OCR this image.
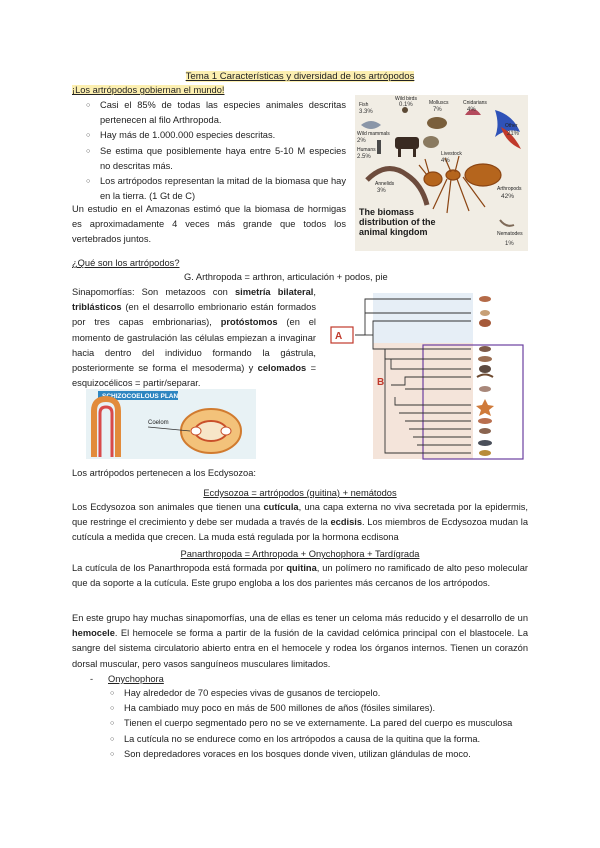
Tema 1 Características y diversidad de los artrópodos
¡Los artrópodos gobiernan el mundo!
○ Casi el 85% de todas las especies animales descritas pertenecen al filo Arthropoda.
○ Hay más de 1.000.000 especies descritas.
○ Se estima que posiblemente haya entre 5-10 M especies no descritas más.
○ Los artrópodos representan la mitad de la biomasa que hay en la tierra. (1 Gt de C)
Un estudio en el Amazonas estimó que la biomasa de hormigas es aproximadamente 4 veces más grande que todos los vertebrados juntos.
Fish
3.3%
Wild birds
0.1%	Molluscs
7%
Cnidarians
4%
Wild mammals
2%
Humans
2.5%	Livestock
4%
Annelids
3%	Arthropods
42%
Nematodes
1%
Other
21%
The biomass
distribution of the
animal kingdom
¿Qué son los artrópodos?
G. Arthropoda = arthron, articulación + podos, pie
Sinapomorfías: Son metazoos con simetría bilateral, triblásticos (en el desarrollo embrionario están formados por tres capas embrionarias), protóstomos (en el momento de gastrulación las células empiezan a invaginar hacia dentro del individuo formando la gástrula, posteriormente se forma el mesoderma) y celomados = esquizocélicos = partir/separar.
SCHIZOCOELOUS PLAN
Coelom
A
B
Los artrópodos pertenecen a los Ecdysozoa:
Ecdysozoa = artrópodos (quitina) + nemátodos
Los Ecdysozoa son animales que tienen una cutícula, una capa externa no viva secretada por la epidermis, que restringe el crecimiento y debe ser mudada a través de la ecdisis. Los miembros de Ecdysozoa mudan la cutícula a medida que crecen. La muda está regulada por la hormona ecdisona
Panarthropoda = Arthropoda + Onychophora + Tardígrada
La cutícula de los Panarthropoda está formada por quitina, un polímero no ramificado de alto peso molecular que da soporte a la cutícula. Este grupo engloba a los dos parientes más cercanos de los artrópodos.
En este grupo hay muchas sinapomorfías, una de ellas es tener un celoma más reducido y el desarrollo de un hemocele. El hemocele se forma a partir de la fusión de la cavidad celómica principal con el blastocele. La sangre del sistema circulatorio abierto entra en el hemocele y rodea los órganos internos. Tienen un corazón dorsal muscular, pero vasos sanguíneos musculares limitados.
- Onychophora
○ Hay alrededor de 70 especies vivas de gusanos de terciopelo.
○ Ha cambiado muy poco en más de 500 millones de años (fósiles similares).
○ Tienen el cuerpo segmentado pero no se ve externamente. La pared del cuerpo es musculosa
○ La cutícula no se endurece como en los artrópodos a causa de la quitina que la forma.
○ Son depredadores voraces en los bosques donde viven, utilizan glándulas de moco.
